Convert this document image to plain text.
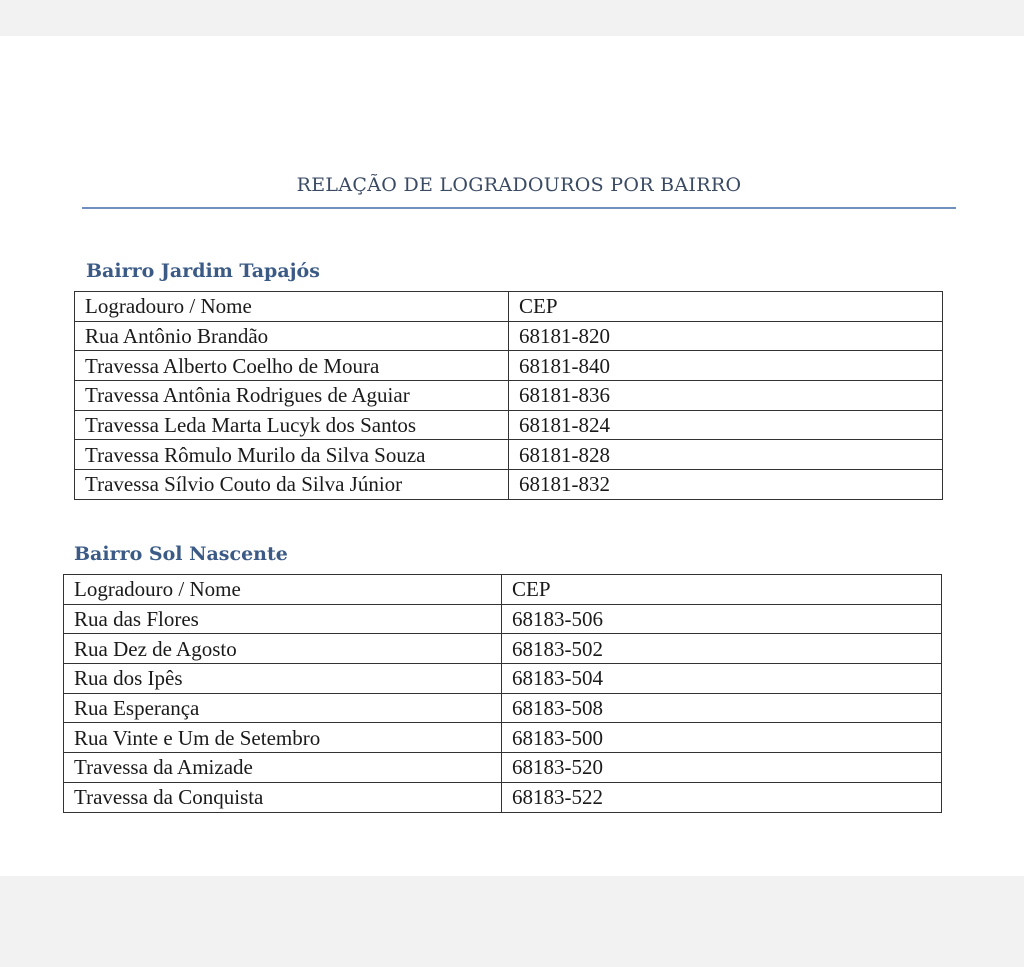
RELAÇÃO DE LOGRADOUROS POR BAIRRO
Bairro Jardim Tapajós
Logradouro / Nome	CEP
Rua Antônio Brandão	68181-820
Travessa Alberto Coelho de Moura	68181-840
Travessa Antônia Rodrigues de Aguiar	68181-836
Travessa Leda Marta Lucyk dos Santos	68181-824
Travessa Rômulo Murilo da Silva Souza	68181-828
Travessa Sílvio Couto da Silva Júnior	68181-832
Bairro Sol Nascente
Logradouro / Nome	CEP
Rua das Flores	68183-506
Rua Dez de Agosto	68183-502
Rua dos Ipês	68183-504
Rua Esperança	68183-508
Rua Vinte e Um de Setembro	68183-500
Travessa da Amizade	68183-520
Travessa da Conquista	68183-522
